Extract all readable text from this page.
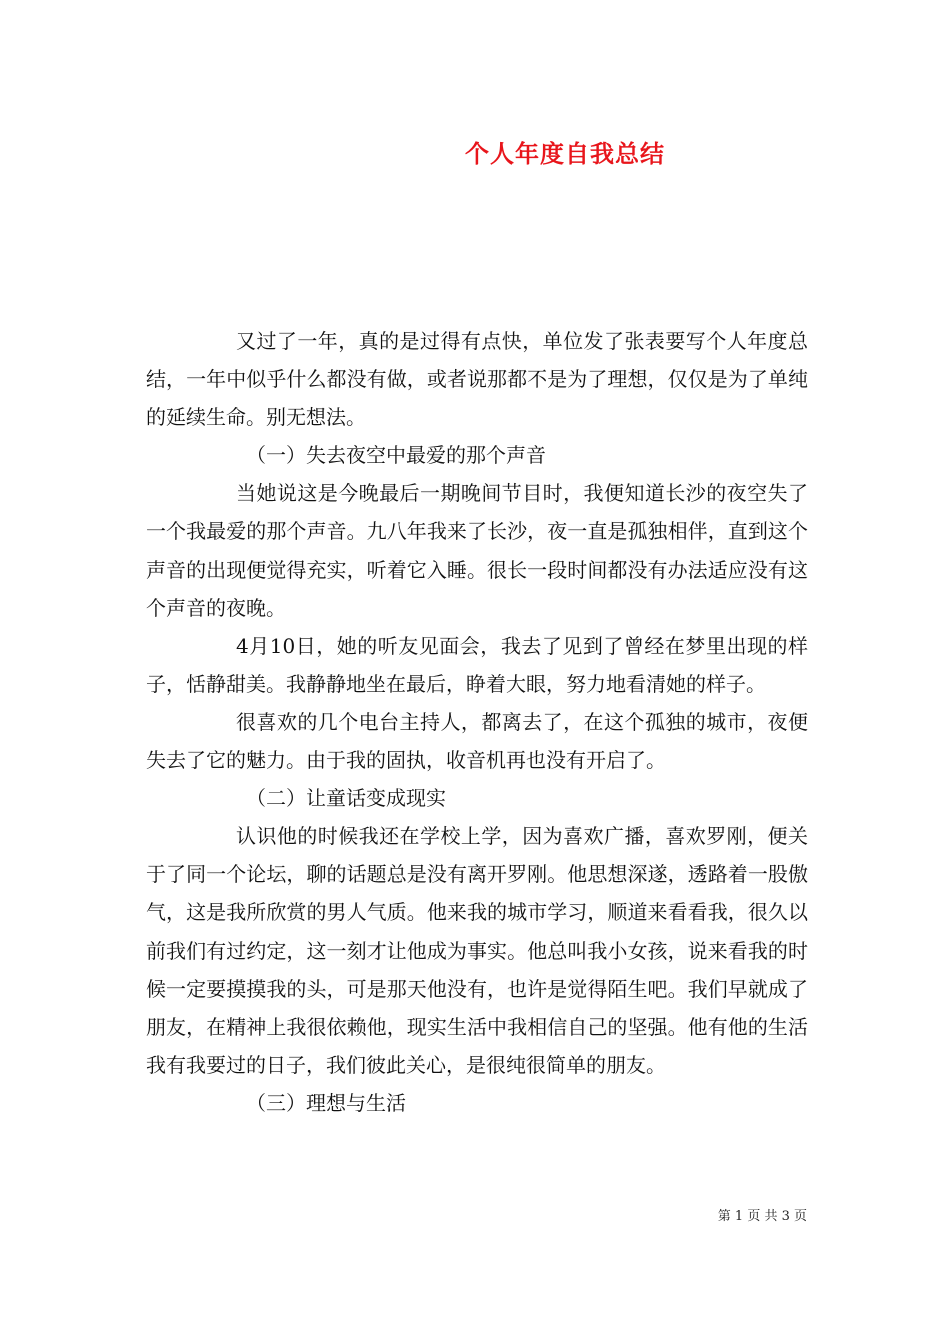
个人年度自我总结

又过了一年，真的是过得有点快，单位发了张表要写个人年度总结，一年中似乎什么都没有做，或者说那都不是为了理想，仅仅是为了单纯的延续生命。别无想法。

（一）失去夜空中最爱的那个声音

当她说这是今晚最后一期晚间节目时，我便知道长沙的夜空失了一个我最爱的那个声音。九八年我来了长沙，夜一直是孤独相伴，直到这个声音的出现便觉得充实，听着它入睡。很长一段时间都没有办法适应没有这个声音的夜晚。

4月10日，她的听友见面会，我去了见到了曾经在梦里出现的样子，恬静甜美。我静静地坐在最后，睁着大眼，努力地看清她的样子。

很喜欢的几个电台主持人，都离去了，在这个孤独的城市，夜便失去了它的魅力。由于我的固执，收音机再也没有开启了。

（二）让童话变成现实

认识他的时候我还在学校上学，因为喜欢广播，喜欢罗刚，便关于了同一个论坛，聊的话题总是没有离开罗刚。他思想深遂，透路着一股傲气，这是我所欣赏的男人气质。他来我的城市学习，顺道来看看我，很久以前我们有过约定，这一刻才让他成为事实。他总叫我小女孩，说来看我的时候一定要摸摸我的头，可是那天他没有，也许是觉得陌生吧。我们早就成了朋友，在精神上我很依赖他，现实生活中我相信自己的坚强。他有他的生活我有我要过的日子，我们彼此关心，是很纯很简单的朋友。

（三）理想与生活

第 1 页 共 3 页
